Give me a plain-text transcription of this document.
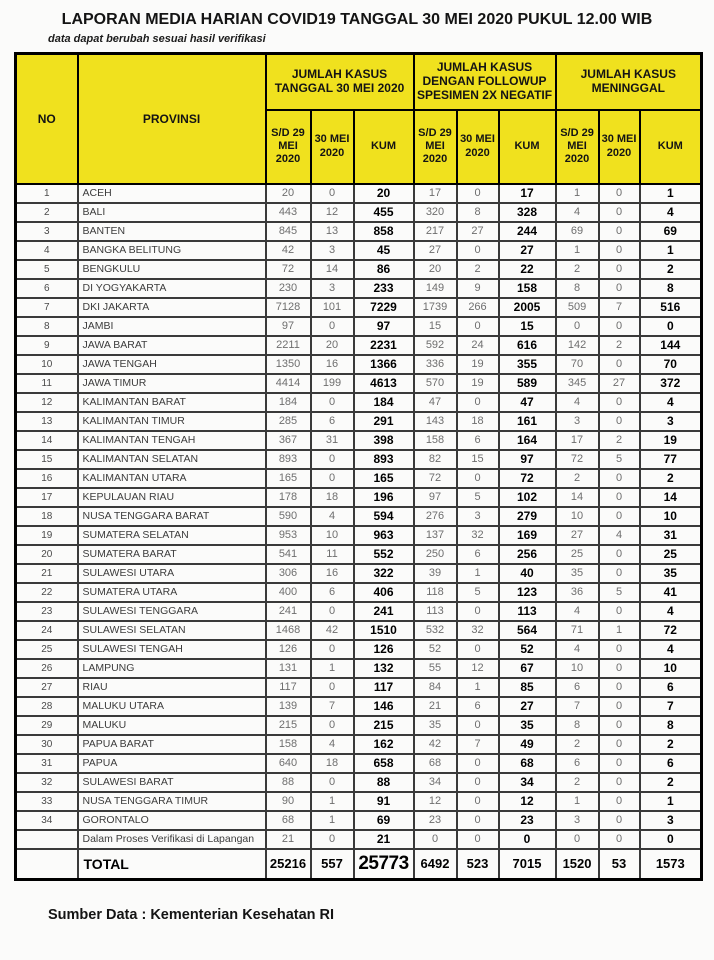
LAPORAN MEDIA HARIAN COVID19 TANGGAL 30 MEI 2020 PUKUL 12.00 WIB
data dapat berubah sesuai hasil verifikasi
NO	PROVINSI	JUMLAH KASUS TANGGAL 30 MEI 2020			JUMLAH KASUS DENGAN FOLLOWUP SPESIMEN 2X NEGATIF			JUMLAH KASUS MENINGGAL		
		S/D 29 MEI 2020	30 MEI 2020	KUM	S/D 29 MEI 2020	30 MEI 2020	KUM	S/D 29 MEI 2020	30 MEI 2020	KUM
1	ACEH	20	0	20	17	0	17	1	0	1
2	BALI	443	12	455	320	8	328	4	0	4
3	BANTEN	845	13	858	217	27	244	69	0	69
4	BANGKA BELITUNG	42	3	45	27	0	27	1	0	1
5	BENGKULU	72	14	86	20	2	22	2	0	2
6	DI YOGYAKARTA	230	3	233	149	9	158	8	0	8
7	DKI JAKARTA	7128	101	7229	1739	266	2005	509	7	516
8	JAMBI	97	0	97	15	0	15	0	0	0
9	JAWA BARAT	2211	20	2231	592	24	616	142	2	144
10	JAWA TENGAH	1350	16	1366	336	19	355	70	0	70
11	JAWA TIMUR	4414	199	4613	570	19	589	345	27	372
12	KALIMANTAN BARAT	184	0	184	47	0	47	4	0	4
13	KALIMANTAN TIMUR	285	6	291	143	18	161	3	0	3
14	KALIMANTAN TENGAH	367	31	398	158	6	164	17	2	19
15	KALIMANTAN SELATAN	893	0	893	82	15	97	72	5	77
16	KALIMANTAN UTARA	165	0	165	72	0	72	2	0	2
17	KEPULAUAN RIAU	178	18	196	97	5	102	14	0	14
18	NUSA TENGGARA BARAT	590	4	594	276	3	279	10	0	10
19	SUMATERA SELATAN	953	10	963	137	32	169	27	4	31
20	SUMATERA BARAT	541	11	552	250	6	256	25	0	25
21	SULAWESI UTARA	306	16	322	39	1	40	35	0	35
22	SUMATERA UTARA	400	6	406	118	5	123	36	5	41
23	SULAWESI TENGGARA	241	0	241	113	0	113	4	0	4
24	SULAWESI SELATAN	1468	42	1510	532	32	564	71	1	72
25	SULAWESI TENGAH	126	0	126	52	0	52	4	0	4
26	LAMPUNG	131	1	132	55	12	67	10	0	10
27	RIAU	117	0	117	84	1	85	6	0	6
28	MALUKU UTARA	139	7	146	21	6	27	7	0	7
29	MALUKU	215	0	215	35	0	35	8	0	8
30	PAPUA BARAT	158	4	162	42	7	49	2	0	2
31	PAPUA	640	18	658	68	0	68	6	0	6
32	SULAWESI BARAT	88	0	88	34	0	34	2	0	2
33	NUSA TENGGARA TIMUR	90	1	91	12	0	12	1	0	1
34	GORONTALO	68	1	69	23	0	23	3	0	3
	Dalam Proses Verifikasi di Lapangan	21	0	21	0	0	0	0	0	0
	TOTAL	25216	557	25773	6492	523	7015	1520	53	1573
Sumber Data : Kementerian Kesehatan RI
